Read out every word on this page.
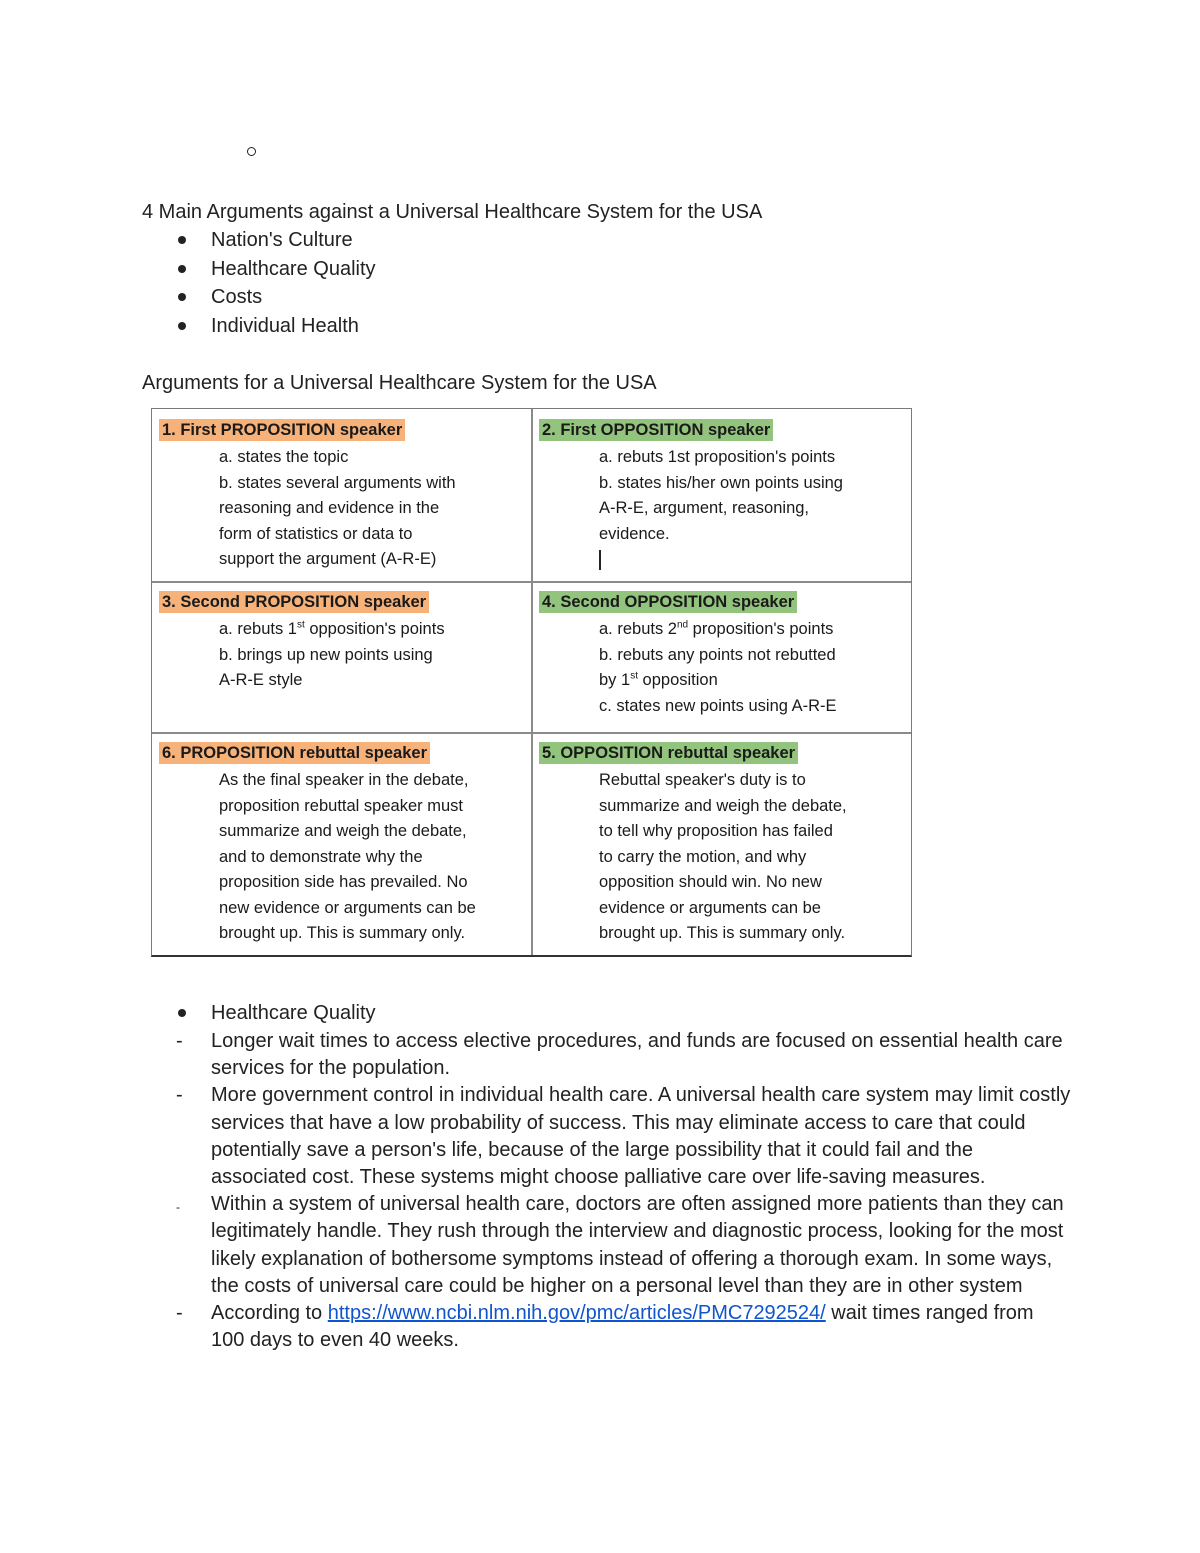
4 Main Arguments against a Universal Healthcare System for the USA
Nation's Culture
Healthcare Quality
Costs
Individual Health
Arguments for a Universal Healthcare System for the USA
1. First PROPOSITION speaker

a. states the topic

b. states several arguments with

reasoning and evidence in the

form of statistics or data to

support the argument (A-R-E)

2. First OPPOSITION speaker

a. rebuts 1st proposition's points

b. states his/her own points using

A-R-E, argument, reasoning,

evidence.

3. Second PROPOSITION speaker

a. rebuts 1st opposition's points

b. brings up new points using

A-R-E style

4. Second OPPOSITION speaker

a. rebuts 2nd proposition's points

b. rebuts any points not rebutted

by 1st opposition

c. states new points using A-R-E

6. PROPOSITION rebuttal speaker

As the final speaker in the debate,

proposition rebuttal speaker must

summarize and weigh the debate,

and to demonstrate why the

proposition side has prevailed. No

new evidence or arguments can be

brought up. This is summary only.

5. OPPOSITION rebuttal speaker

Rebuttal speaker's duty is to

summarize and weigh the debate,

to tell why proposition has failed

to carry the motion, and why

opposition should win. No new

evidence or arguments can be

brought up. This is summary only.

Healthcare Quality
- Longer wait times to access elective procedures, and funds are focused on essential health care services for the population.
- More government control in individual health care. A universal health care system may limit costly services that have a low probability of success. This may eliminate access to care that could potentially save a person's life, because of the large possibility that it could fail and the associated cost. These systems might choose palliative care over life-saving measures.
- Within a system of universal health care, doctors are often assigned more patients than they can legitimately handle. They rush through the interview and diagnostic process, looking for the most likely explanation of bothersome symptoms instead of offering a thorough exam. In some ways, the costs of universal care could be higher on a personal level than they are in other system
- According to https://www.ncbi.nlm.nih.gov/pmc/articles/PMC7292524/ wait times ranged from 100 days to even 40 weeks.
